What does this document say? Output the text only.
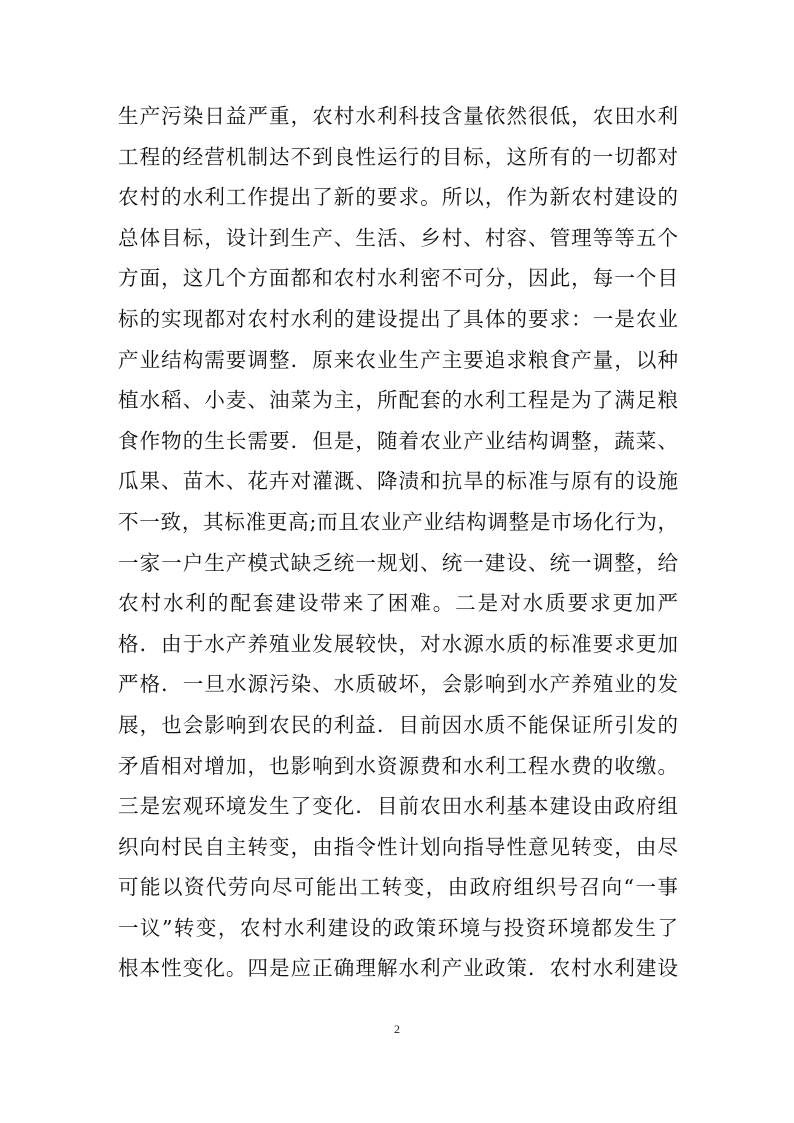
生产污染日益严重，农村水利科技含量依然很低，农田水利
工程的经营机制达不到良性运行的目标，这所有的一切都对
农村的水利工作提出了新的要求。所以，作为新农村建设的
总体目标，设计到生产、生活、乡村、村容、管理等等五个
方面，这几个方面都和农村水利密不可分，因此，每一个目
标的实现都对农村水利的建设提出了具体的要求：一是农业
产业结构需要调整．原来农业生产主要追求粮食产量，以种
植水稻、小麦、油菜为主，所配套的水利工程是为了满足粮
食作物的生长需要．但是，随着农业产业结构调整，蔬菜、
瓜果、苗木、花卉对灌溉、降渍和抗旱的标准与原有的设施
不一致，其标准更高;而且农业产业结构调整是市场化行为，
一家一户生产模式缺乏统一规划、统一建设、统一调整，给
农村水利的配套建设带来了困难。二是对水质要求更加严
格．由于水产养殖业发展较快，对水源水质的标准要求更加
严格．一旦水源污染、水质破坏，会影响到水产养殖业的发
展，也会影响到农民的利益．目前因水质不能保证所引发的
矛盾相对增加，也影响到水资源费和水利工程水费的收缴。
三是宏观环境发生了变化．目前农田水利基本建设由政府组
织向村民自主转变，由指令性计划向指导性意见转变，由尽
可能以资代劳向尽可能出工转变，由政府组织号召向“一事
一议”转变，农村水利建设的政策环境与投资环境都发生了
根本性变化。四是应正确理解水利产业政策．农村水利建设
2
